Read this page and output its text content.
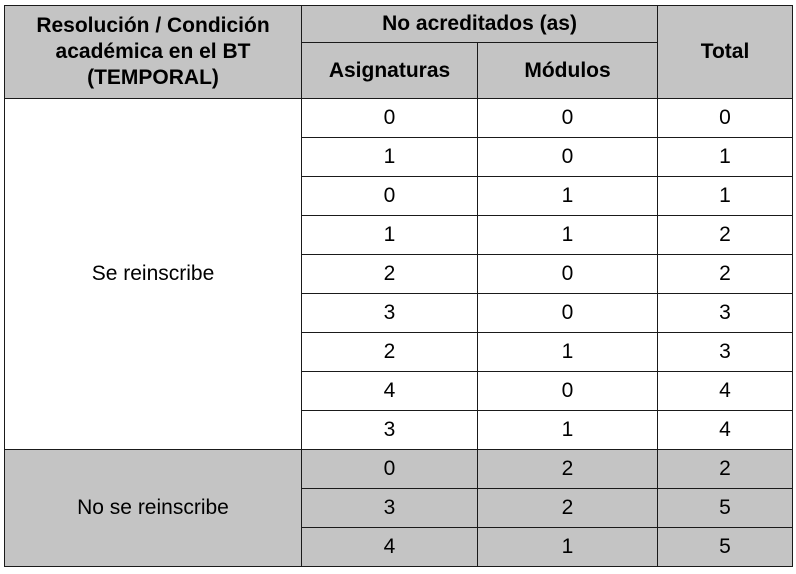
Resolución / Condición académica en el BT (TEMPORAL)	No acreditados (as)		Total
	Asignaturas	Módulos	
Se reinscribe	0	0	0
	1	0	1
	0	1	1
	1	1	2
	2	0	2
	3	0	3
	2	1	3
	4	0	4
	3	1	4
No se reinscribe	0	2	2
	3	2	5
	4	1	5
